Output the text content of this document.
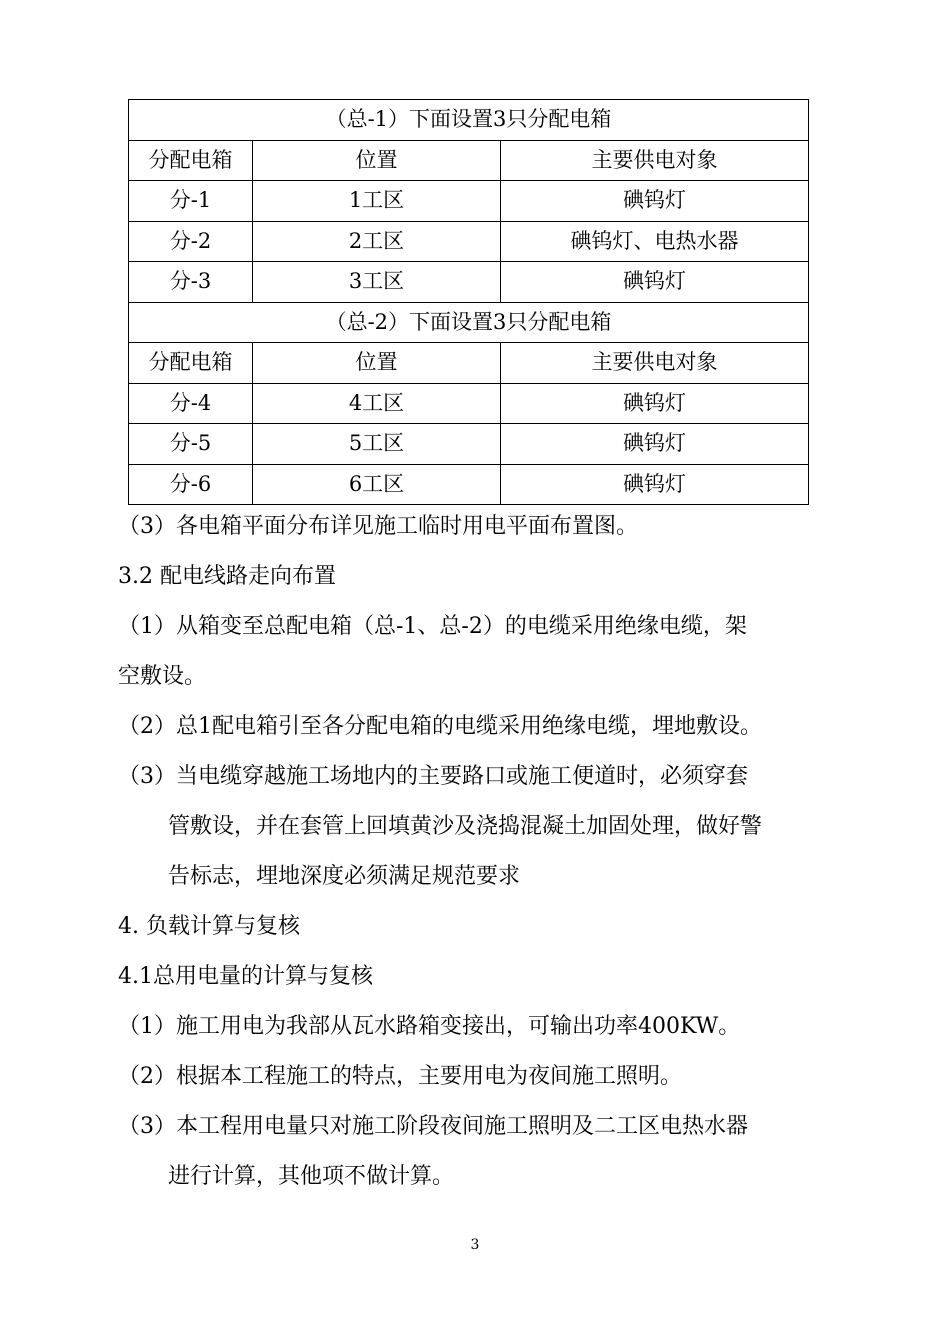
（总-1）下面设置3只分配电箱		
分配电箱	位置	主要供电对象
分-1	1工区	碘钨灯
分-2	2工区	碘钨灯、电热水器
分-3	3工区	碘钨灯
（总-2）下面设置3只分配电箱		
分配电箱	位置	主要供电对象
分-4	4工区	碘钨灯
分-5	5工区	碘钨灯
分-6	6工区	碘钨灯
（3）各电箱平面分布详见施工临时用电平面布置图。
3.2 配电线路走向布置
（1）从箱变至总配电箱（总-1、总-2）的电缆采用绝缘电缆，架
空敷设。
（2）总1配电箱引至各分配电箱的电缆采用绝缘电缆，埋地敷设。
（3）当电缆穿越施工场地内的主要路口或施工便道时，必须穿套
管敷设，并在套管上回填黄沙及浇捣混凝土加固处理，做好警
告标志，埋地深度必须满足规范要求
4. 负载计算与复核
4.1总用电量的计算与复核
（1）施工用电为我部从瓦水路箱变接出，可输出功率400KW。
（2）根据本工程施工的特点，主要用电为夜间施工照明。
（3）本工程用电量只对施工阶段夜间施工照明及二工区电热水器
进行计算，其他项不做计算。
3
